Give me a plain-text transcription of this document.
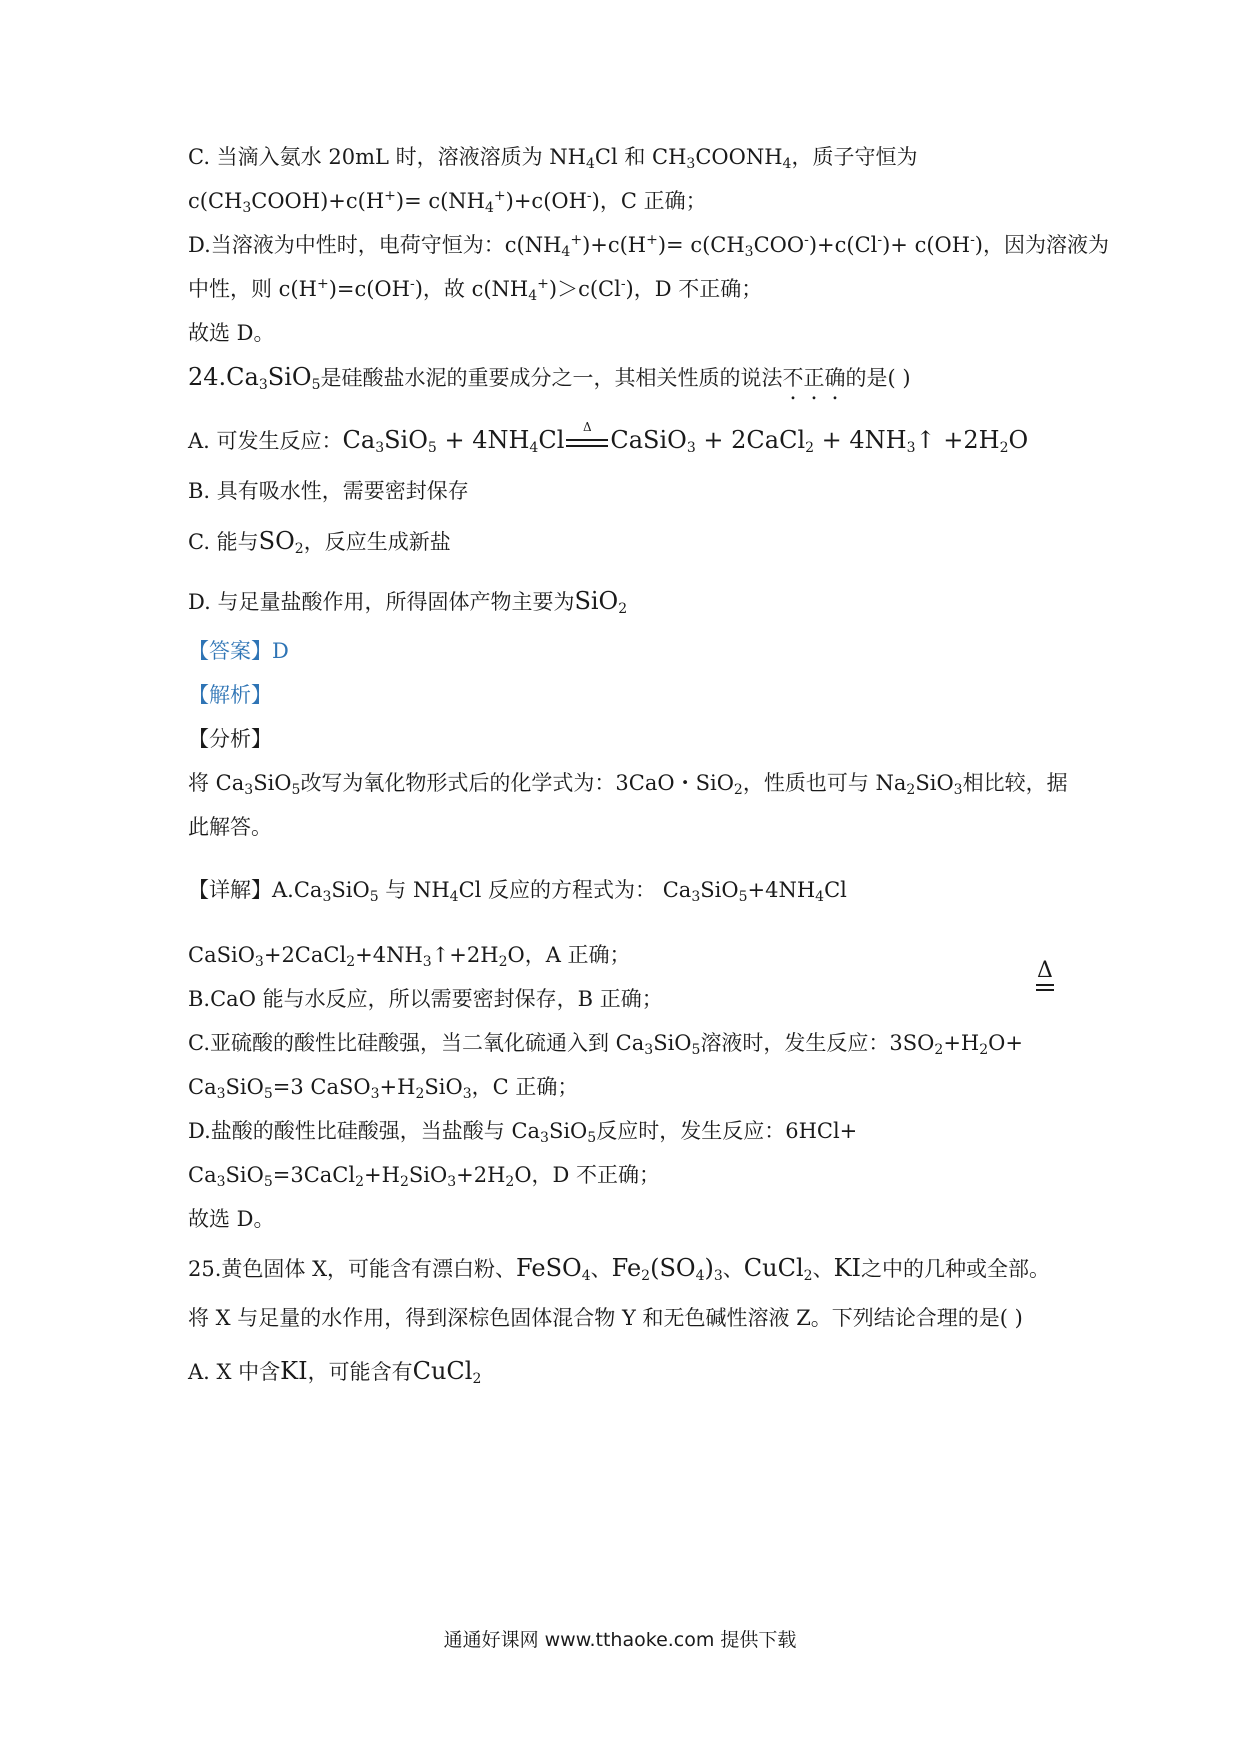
C. 当滴入氨水 20mL 时，溶液溶质为 $NH_4Cl$ 和 $CH_3COONH_4$，质子守恒为
$c(CH_3COOH)+c(H^+)= c(NH_4^+)+c(OH^-)$，C 正确；
D.当溶液为中性时，电荷守恒为：$c(NH_4^+)+c(H^+)= c(CH_3COO^-)+c(Cl^-)+ c(OH^-)$，因为溶液为
中性，则 c(H+)=c(OH-)，故 $c(NH_4^+)>c(Cl^-)$，D 不正确；
故选 D。
$24.Ca_3SiO_5$是硅酸盐水泥的重要成分之一，其相关性质的说法不正确的是( )
A. 可发生反应：$Ca_3SiO_5 + 4NH_4Cl$ Δ CaSiO$_3$ + 2CaCl$_2$ + $4NH_3↑ +2H_2O$
B. 具有吸水性，需要密封保存
C. 能与$SO_2$，反应生成新盐
D. 与足量盐酸作用，所得固体产物主要为SiO$_2$
【答案】D
【解析】
【分析】
将 $Ca_3SiO_5$改写为氧化物形式后的化学式为：3CaO・SiO$_2$，性质也可与 $Na_2SiO_3$相比较，据
此解答。
【详解】$A.Ca_3SiO_5$ 与 $NH_4Cl$ 反应的方程式为： $Ca_3SiO_5+4NH_4Cl$
Δ
$CaSiO_3+2CaCl_2+4NH_3↑+2H_2O$，A 正确；
B.CaO 能与水反应，所以需要密封保存，B 正确；
C.亚硫酸的酸性比硅酸强，当二氧化硫通入到 $Ca_3SiO_5$溶液时，发生反应：$3SO_2+H_2O+$
$Ca_3SiO_5=3$ $CaSO_3+H_2SiO_3$，C 正确；
D.盐酸的酸性比硅酸强，当盐酸与 $Ca_3SiO_5$反应时，发生反应：6HCl+
$Ca_3SiO_5=3CaCl_2+H_2SiO_3+2H_2O$，D 不正确；
故选 D。
25.黄色固体 X，可能含有漂白粉、FeSO$_4$、$Fe_2(SO_4)_3$、CuCl$_2$、KI之中的几种或全部。
将 X 与足量的水作用，得到深棕色固体混合物 Y 和无色碱性溶液 Z。下列结论合理的是( )
A. X 中含KI，可能含有CuCl$_2$
通通好课网 www.tthaoke.com 提供下载
